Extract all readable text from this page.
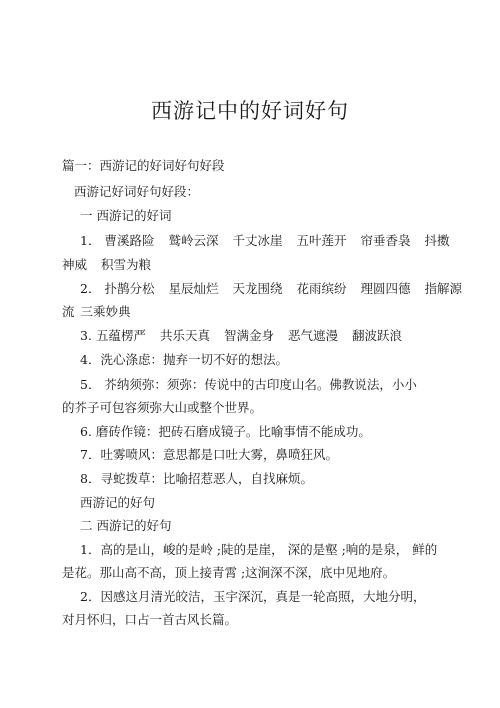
西游记中的好词好句
篇一：西游记的好词好句好段
西游记好词好句好段：
一 西游记的好词
1． 曹溪路险 鹫岭云深 千丈冰崖 五叶莲开 帘垂香袅 抖擞
神威 积雪为粮
2． 扑鹊分松 星辰灿烂 天龙围绕 花雨缤纷 理圆四德 指解源
流 三乘妙典
3. 五蕴楞严 共乐天真 智满金身 恶气遮漫 翻波跃浪
4．洗心涤虑：抛弃一切不好的想法。
5． 芥纳须弥：须弥：传说中的古印度山名。佛教说法，小小
的芥子可包容须弥大山或整个世界。
6. 磨砖作镜：把砖石磨成镜子。比喻事情不能成功。
7．吐雾喷风：意思都是口吐大雾，鼻喷狂风。
8．寻蛇拨草：比喻招惹恶人，自找麻烦。
西游记的好句
二 西游记的好句
1．高的是山，峻的是岭 ;陡的是崖， 深的是壑 ;响的是泉， 鲜的
是花。那山高不高，顶上接青霄 ;这涧深不深，底中见地府。
2．因感这月清光皎洁，玉宇深沉，真是一轮高照，大地分明，
对月怀归，口占一首古风长篇。
